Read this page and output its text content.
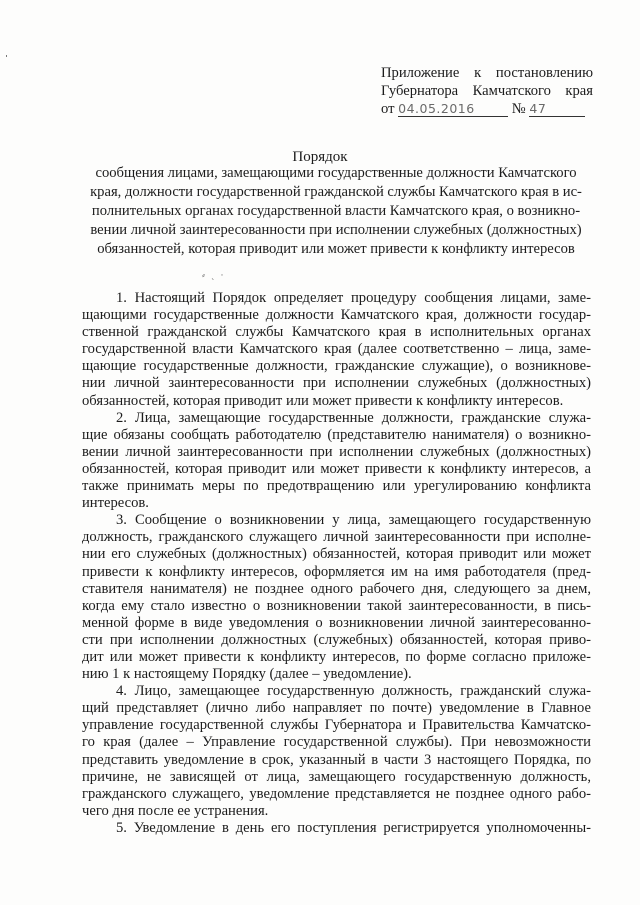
Приложение к постановлению
Губернатора Камчатского края
от 04.05.2016	№ 47
Порядок
сообщения лицами, замещающими государственные должности Камчатского
края, должности государственной гражданской службы Камчатского края в ис-
полнительных органах государственной власти Камчатского края, о возникно-
вении личной заинтересованности при исполнении служебных (должностных)
обязанностей, которая приводит или может привести к конфликту интересов
⸗ ˎ ·
1. Настоящий Порядок определяет процедуру сообщения лицами, заме-
щающими государственные должности Камчатского края, должности государ-
ственной гражданской службы Камчатского края в исполнительных органах
государственной власти Камчатского края (далее соответственно – лица, заме-
щающие государственные должности, гражданские служащие), о возникнове-
нии личной заинтересованности при исполнении служебных (должностных)
обязанностей, которая приводит или может привести к конфликту интересов.
2. Лица, замещающие государственные должности, гражданские служа-
щие обязаны сообщать работодателю (представителю нанимателя) о возникно-
вении личной заинтересованности при исполнении служебных (должностных)
обязанностей, которая приводит или может привести к конфликту интересов, а
также принимать меры по предотвращению или урегулированию конфликта
интересов.
3. Сообщение о возникновении у лица, замещающего государственную
должность, гражданского служащего личной заинтересованности при исполне-
нии его служебных (должностных) обязанностей, которая приводит или может
привести к конфликту интересов, оформляется им на имя работодателя (пред-
ставителя нанимателя) не позднее одного рабочего дня, следующего за днем,
когда ему стало известно о возникновении такой заинтересованности, в пись-
менной форме в виде уведомления о возникновении личной заинтересованно-
сти при исполнении должностных (служебных) обязанностей, которая приво-
дит или может привести к конфликту интересов, по форме согласно приложе-
нию 1 к настоящему Порядку (далее – уведомление).
4. Лицо, замещающее государственную должность, гражданский служа-
щий представляет (лично либо направляет по почте) уведомление в Главное
управление государственной службы Губернатора и Правительства Камчатско-
го края (далее – Управление государственной службы). При невозможности
представить уведомление в срок, указанный в части 3 настоящего Порядка, по
причине, не зависящей от лица, замещающего государственную должность,
гражданского служащего, уведомление представляется не позднее одного рабо-
чего дня после ее устранения.
5. Уведомление в день его поступления регистрируется уполномоченны-
